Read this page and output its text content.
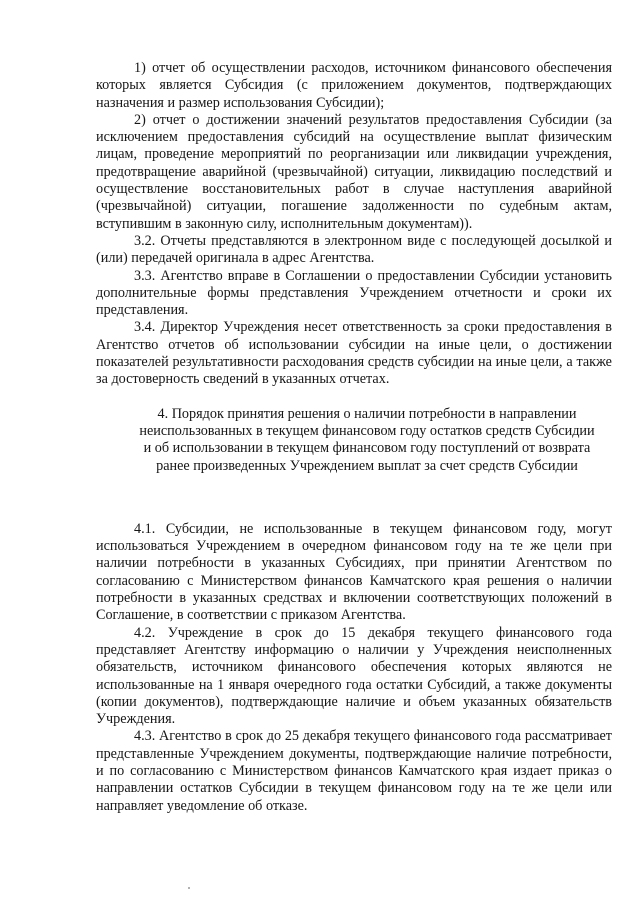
1) отчет об осуществлении расходов, источником финансового обеспечения которых является Субсидия (с приложением документов, подтверждающих назначения и размер использования Субсидии);

2) отчет о достижении значений результатов предоставления Субсидии (за исключением предоставления субсидий на осуществление выплат физическим лицам, проведение мероприятий по реорганизации или ликвидации учреждения, предотвращение аварийной (чрезвычайной) ситуации, ликвидацию последствий и осуществление восстановительных работ в случае наступления аварийной (чрезвычайной) ситуации, погашение задолженности по судебным актам, вступившим в законную силу, исполнительным документам)).

3.2. Отчеты представляются в электронном виде с последующей досылкой и (или) передачей оригинала в адрес Агентства.

3.3. Агентство вправе в Соглашении о предоставлении Субсидии установить дополнительные формы представления Учреждением отчетности и сроки их представления.

3.4. Директор Учреждения несет ответственность за сроки предоставления в Агентство отчетов об использовании субсидии на иные цели, о достижении показателей результативности расходования средств субсидии на иные цели, а также за достоверность сведений в указанных отчетах.

4. Порядок принятия решения о наличии потребности в направлении неиспользованных в текущем финансовом году остатков средств Субсидии и об использовании в текущем финансовом году поступлений от возврата ранее произведенных Учреждением выплат за счет средств Субсидии

4.1. Субсидии, не использованные в текущем финансовом году, могут использоваться Учреждением в очередном финансовом году на те же цели при наличии потребности в указанных Субсидиях, при принятии Агентством по согласованию с Министерством финансов Камчатского края решения о наличии потребности в указанных средствах и включении соответствующих положений в Соглашение, в соответствии с приказом Агентства.

4.2. Учреждение в срок до 15 декабря текущего финансового года представляет Агентству информацию о наличии у Учреждения неисполненных обязательств, источником финансового обеспечения которых являются не использованные на 1 января очередного года остатки Субсидий, а также документы (копии документов), подтверждающие наличие и объем указанных обязательств Учреждения.

4.3. Агентство в срок до 25 декабря текущего финансового года рассматривает представленные Учреждением документы, подтверждающие наличие потребности, и по согласованию с Министерством финансов Камчатского края издает приказ о направлении остатков Субсидии в текущем финансовом году на те же цели или направляет уведомление об отказе.
